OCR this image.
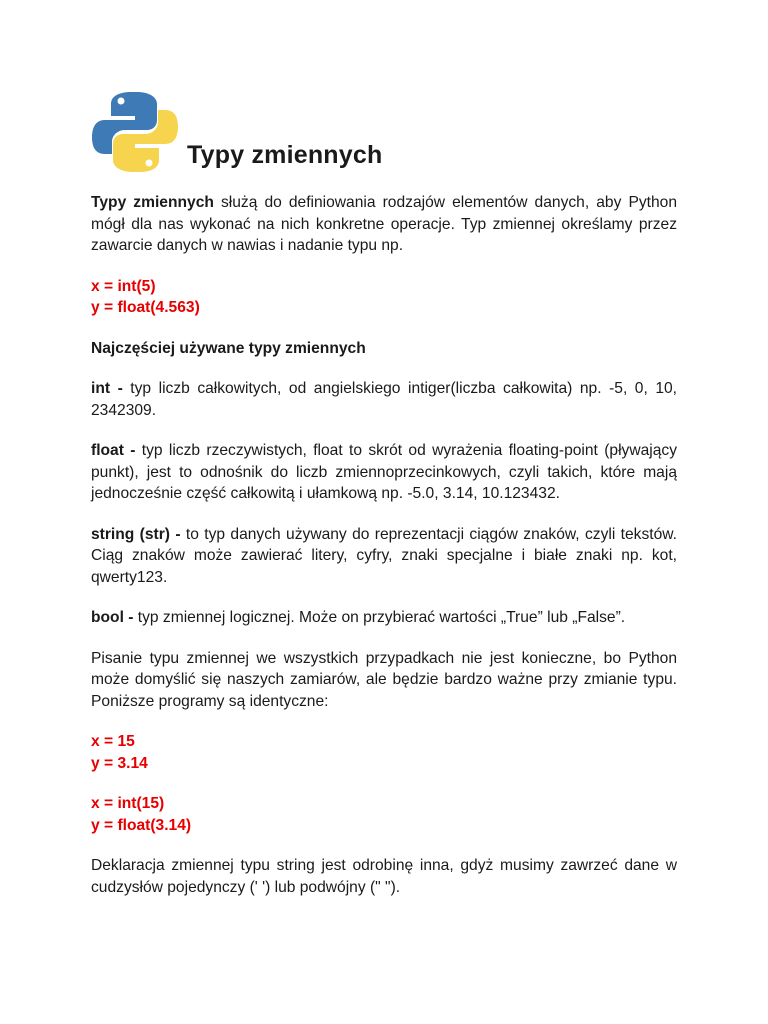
Typy zmiennych

Typy zmiennych służą do definiowania rodzajów elementów danych, aby Python mógł dla nas wykonać na nich konkretne operacje. Typ zmiennej określamy przez zawarcie danych w nawias i nadanie typu np.

x = int(5)
y = float(4.563)

Najczęściej używane typy zmiennych

int - typ liczb całkowitych, od angielskiego intiger(liczba całkowita) np. -5, 0, 10, 2342309.

float - typ liczb rzeczywistych, float to skrót od wyrażenia floating-point (pływający punkt), jest to odnośnik do liczb zmiennoprzecinkowych, czyli takich, które mają jednocześnie część całkowitą i ułamkową np. -5.0, 3.14, 10.123432.

string (str) - to typ danych używany do reprezentacji ciągów znaków, czyli tekstów. Ciąg znaków może zawierać litery, cyfry, znaki specjalne i białe znaki np. kot, qwerty123.

bool - typ zmiennej logicznej. Może on przybierać wartości „True” lub „False”.

Pisanie typu zmiennej we wszystkich przypadkach nie jest konieczne, bo Python może domyślić się naszych zamiarów, ale będzie bardzo ważne przy zmianie typu. Poniższe programy są identyczne:

x = 15
y = 3.14

x = int(15)
y = float(3.14)

Deklaracja zmiennej typu string jest odrobinę inna, gdyż musimy zawrzeć dane w cudzysłów pojedynczy (' ') lub podwójny (" ").
